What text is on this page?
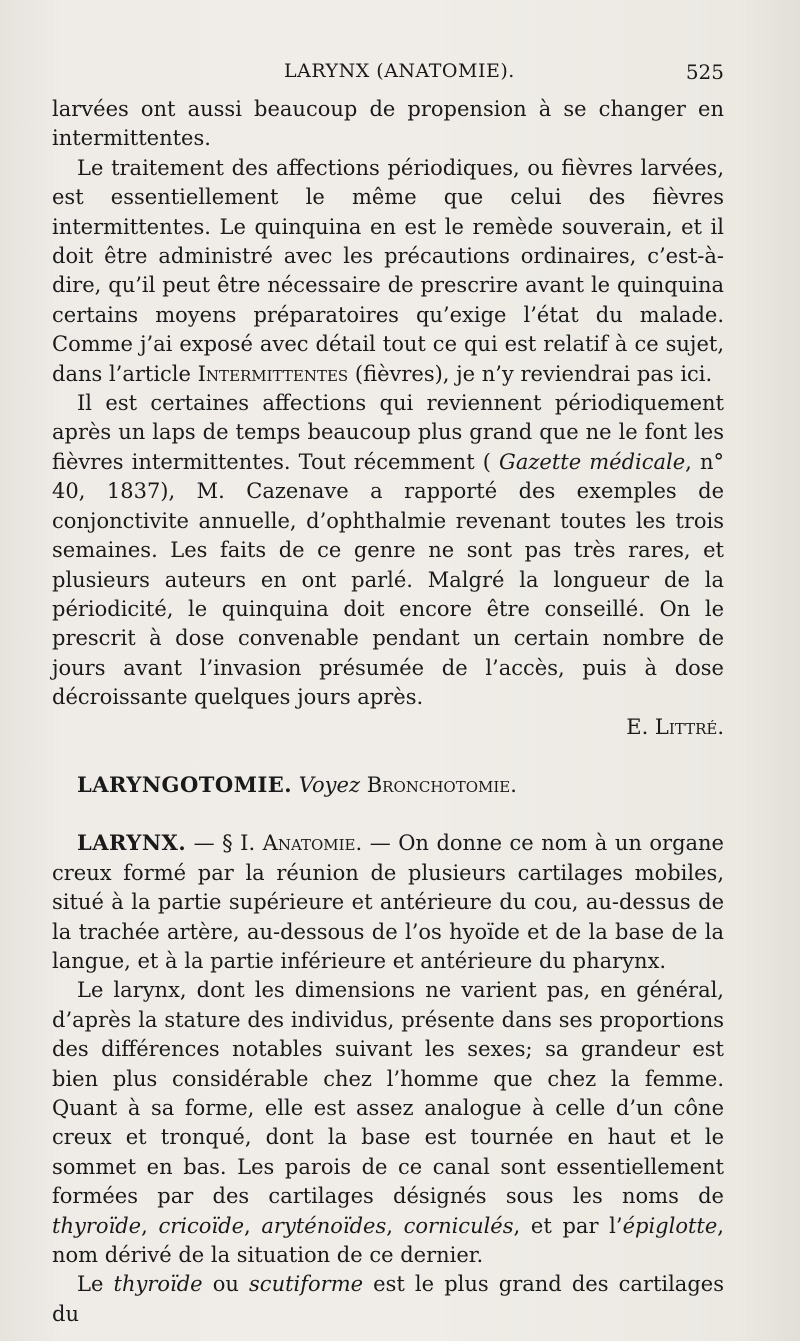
LARYNX (ANATOMIE).	525

larvées ont aussi beaucoup de propension à se changer en intermittentes.

Le traitement des affections périodiques, ou fièvres larvées, est essentiellement le même que celui des fièvres intermittentes. Le quinquina en est le remède souverain, et il doit être administré avec les précautions ordinaires, c’est-à-dire, qu’il peut être nécessaire de prescrire avant le quinquina certains moyens préparatoires qu’exige l’état du malade. Comme j’ai exposé avec détail tout ce qui est relatif à ce sujet, dans l’article Intermittentes (fièvres), je n’y reviendrai pas ici.

Il est certaines affections qui reviennent périodiquement après un laps de temps beaucoup plus grand que ne le font les fièvres intermittentes. Tout récemment ( Gazette médicale, n° 40, 1837), M. Cazenave a rapporté des exemples de conjonctivite annuelle, d’ophthalmie revenant toutes les trois semaines. Les faits de ce genre ne sont pas très rares, et plusieurs auteurs en ont parlé. Malgré la longueur de la périodicité, le quinquina doit encore être conseillé. On le prescrit à dose convenable pendant un certain nombre de jours avant l’invasion présumée de l’accès, puis à dose décroissante quelques jours après.

E. Littré.

LARYNGOTOMIE. Voyez Bronchotomie.

LARYNX. — § I. Anatomie. — On donne ce nom à un organe creux formé par la réunion de plusieurs cartilages mobiles, situé à la partie supérieure et antérieure du cou, au-dessus de la trachée artère, au-dessous de l’os hyoïde et de la base de la langue, et à la partie inférieure et antérieure du pharynx.

Le larynx, dont les dimensions ne varient pas, en général, d’après la stature des individus, présente dans ses proportions des différences notables suivant les sexes; sa grandeur est bien plus considérable chez l’homme que chez la femme. Quant à sa forme, elle est assez analogue à celle d’un cône creux et tronqué, dont la base est tournée en haut et le sommet en bas. Les parois de ce canal sont essentiellement formées par des cartilages désignés sous les noms de thyroïde, cricoïde, aryténoïdes, corniculés, et par l’épiglotte, nom dérivé de la situation de ce dernier.

Le thyroïde ou scutiforme est le plus grand des cartilages du
